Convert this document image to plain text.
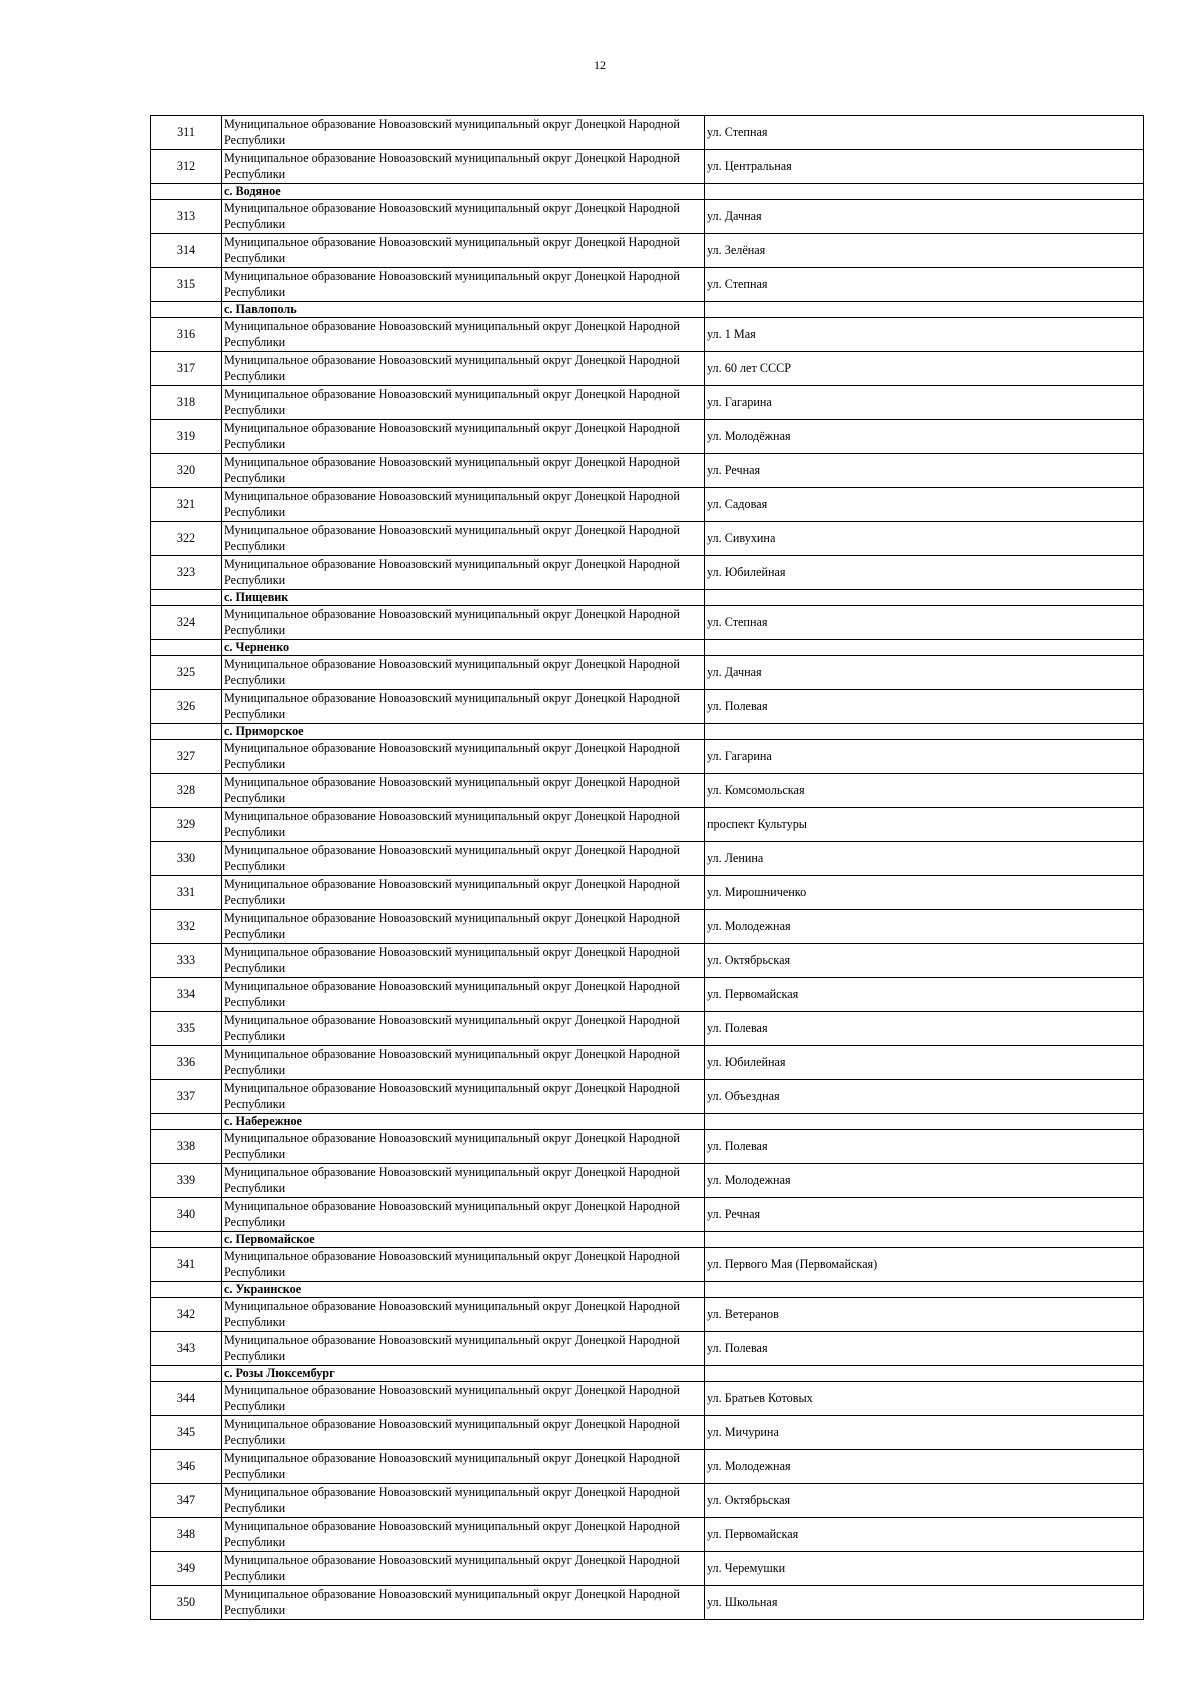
12
311	Муниципальное образование Новоазовский муниципальный округ Донецкой Народной Республики	ул. Степная
312	Муниципальное образование Новоазовский муниципальный округ Донецкой Народной Республики	ул. Центральная
	с. Водяное	
313	Муниципальное образование Новоазовский муниципальный округ Донецкой Народной Республики	ул. Дачная
314	Муниципальное образование Новоазовский муниципальный округ Донецкой Народной Республики	ул. Зелёная
315	Муниципальное образование Новоазовский муниципальный округ Донецкой Народной Республики	ул. Степная
	с. Павлополь	
316	Муниципальное образование Новоазовский муниципальный округ Донецкой Народной Республики	ул. 1 Мая
317	Муниципальное образование Новоазовский муниципальный округ Донецкой Народной Республики	ул. 60 лет СССР
318	Муниципальное образование Новоазовский муниципальный округ Донецкой Народной Республики	ул. Гагарина
319	Муниципальное образование Новоазовский муниципальный округ Донецкой Народной Республики	ул. Молодёжная
320	Муниципальное образование Новоазовский муниципальный округ Донецкой Народной Республики	ул. Речная
321	Муниципальное образование Новоазовский муниципальный округ Донецкой Народной Республики	ул. Садовая
322	Муниципальное образование Новоазовский муниципальный округ Донецкой Народной Республики	ул. Сивухина
323	Муниципальное образование Новоазовский муниципальный округ Донецкой Народной Республики	ул. Юбилейная
	с. Пищевик	
324	Муниципальное образование Новоазовский муниципальный округ Донецкой Народной Республики	ул. Степная
	с. Черненко	
325	Муниципальное образование Новоазовский муниципальный округ Донецкой Народной Республики	ул. Дачная
326	Муниципальное образование Новоазовский муниципальный округ Донецкой Народной Республики	ул. Полевая
	с. Приморское	
327	Муниципальное образование Новоазовский муниципальный округ Донецкой Народной Республики	ул. Гагарина
328	Муниципальное образование Новоазовский муниципальный округ Донецкой Народной Республики	ул. Комсомольская
329	Муниципальное образование Новоазовский муниципальный округ Донецкой Народной Республики	проспект Культуры
330	Муниципальное образование Новоазовский муниципальный округ Донецкой Народной Республики	ул. Ленина
331	Муниципальное образование Новоазовский муниципальный округ Донецкой Народной Республики	ул. Мирошниченко
332	Муниципальное образование Новоазовский муниципальный округ Донецкой Народной Республики	ул. Молодежная
333	Муниципальное образование Новоазовский муниципальный округ Донецкой Народной Республики	ул. Октябрьская
334	Муниципальное образование Новоазовский муниципальный округ Донецкой Народной Республики	ул. Первомайская
335	Муниципальное образование Новоазовский муниципальный округ Донецкой Народной Республики	ул. Полевая
336	Муниципальное образование Новоазовский муниципальный округ Донецкой Народной Республики	ул. Юбилейная
337	Муниципальное образование Новоазовский муниципальный округ Донецкой Народной Республики	ул. Объездная
	с. Набережное	
338	Муниципальное образование Новоазовский муниципальный округ Донецкой Народной Республики	ул. Полевая
339	Муниципальное образование Новоазовский муниципальный округ Донецкой Народной Республики	ул. Молодежная
340	Муниципальное образование Новоазовский муниципальный округ Донецкой Народной Республики	ул. Речная
	с. Первомайское	
341	Муниципальное образование Новоазовский муниципальный округ Донецкой Народной Республики	ул. Первого Мая (Первомайская)
	с. Украинское	
342	Муниципальное образование Новоазовский муниципальный округ Донецкой Народной Республики	ул. Ветеранов
343	Муниципальное образование Новоазовский муниципальный округ Донецкой Народной Республики	ул. Полевая
	с. Розы Люксембург	
344	Муниципальное образование Новоазовский муниципальный округ Донецкой Народной Республики	ул. Братьев Котовых
345	Муниципальное образование Новоазовский муниципальный округ Донецкой Народной Республики	ул. Мичурина
346	Муниципальное образование Новоазовский муниципальный округ Донецкой Народной Республики	ул. Молодежная
347	Муниципальное образование Новоазовский муниципальный округ Донецкой Народной Республики	ул. Октябрьская
348	Муниципальное образование Новоазовский муниципальный округ Донецкой Народной Республики	ул. Первомайская
349	Муниципальное образование Новоазовский муниципальный округ Донецкой Народной Республики	ул. Черемушки
350	Муниципальное образование Новоазовский муниципальный округ Донецкой Народной Республики	ул. Школьная
